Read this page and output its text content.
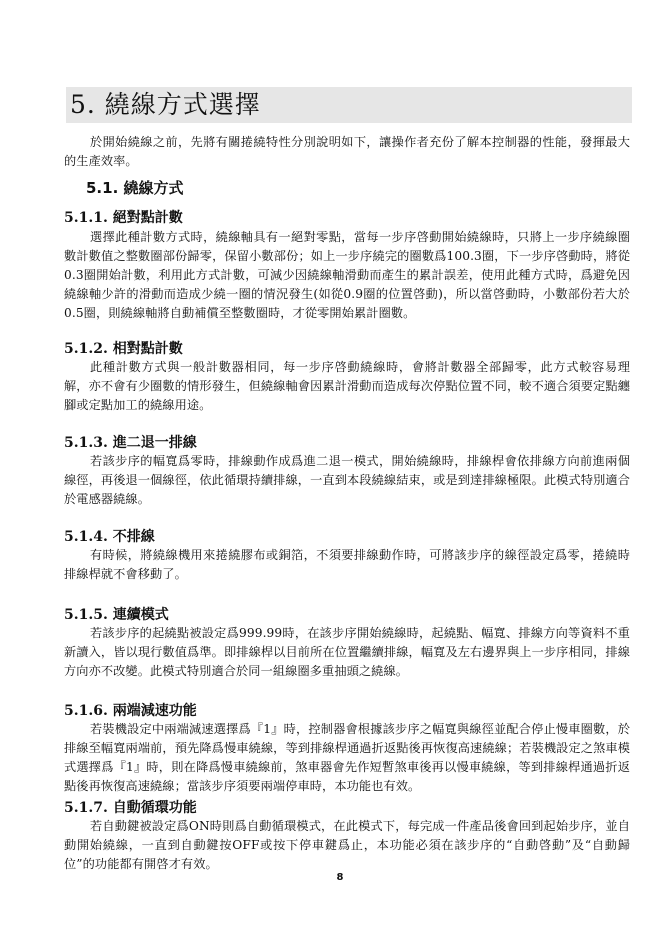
5. 繞線方式選擇

於開始繞線之前，先將有關捲繞特性分別說明如下，讓操作者充份了解本控制器的性能，發揮最大的生產效率。

5.1. 繞線方式
5.1.1. 絕對點計數

選擇此種計數方式時，繞線軸具有一絕對零點，當每一步序啓動開始繞線時，只將上一步序繞線圈數計數值之整數圈部份歸零，保留小數部份；如上一步序繞完的圈數爲100.3圈，下一步序啓動時，將從0.3圈開始計數，利用此方式計數，可減少因繞線軸滑動而產生的累計誤差，使用此種方式時，爲避免因繞線軸少許的滑動而造成少繞一圈的情況發生(如從0.9圈的位置啓動)，所以當啓動時，小數部份若大於0.5圈，則繞線軸將自動補償至整數圈時，才從零開始累計圈數。

5.1.2. 相對點計數

此種計數方式與一般計數器相同，每一步序啓動繞線時，會將計數器全部歸零，此方式較容易理解，亦不會有少圈數的情形發生，但繞線軸會因累計滑動而造成每次停點位置不同，較不適合須要定點纏腳或定點加工的繞線用途。

5.1.3. 進二退一排線

若該步序的幅寬爲零時，排線動作成爲進二退一模式，開始繞線時，排線桿會依排線方向前進兩個線徑，再後退一個線徑，依此循環持續排線，一直到本段繞線結束，或是到達排線極限。此模式特別適合於電感器繞線。

5.1.4. 不排線

有時候，將繞線機用來捲繞膠布或銅箔，不須要排線動作時，可將該步序的線徑設定爲零，捲繞時排線桿就不會移動了。

5.1.5. 連續模式

若該步序的起繞點被設定爲999.99時，在該步序開始繞線時，起繞點、幅寬、排線方向等資料不重新讀入，皆以現行數值爲準。即排線桿以目前所在位置繼續排線，幅寬及左右邊界與上一步序相同，排線方向亦不改變。此模式特別適合於同一組線圈多重抽頭之繞線。

5.1.6. 兩端減速功能

若裝機設定中兩端減速選擇爲『1』時，控制器會根據該步序之幅寬與線徑並配合停止慢車圈數，於排線至幅寬兩端前，預先降爲慢車繞線，等到排線桿通過折返點後再恢復高速繞線；若裝機設定之煞車模式選擇爲『1』時，則在降爲慢車繞線前，煞車器會先作短暫煞車後再以慢車繞線，等到排線桿通過折返點後再恢復高速繞線；當該步序須要兩端停車時，本功能也有效。

5.1.7. 自動循環功能

若自動鍵被設定爲ON時則爲自動循環模式，在此模式下，每完成一件產品後會回到起始步序，並自動開始繞線，一直到自動鍵按OFF或按下停車鍵爲止，本功能必須在該步序的“自動啓動”及“自動歸位”的功能都有開啓才有效。

8
